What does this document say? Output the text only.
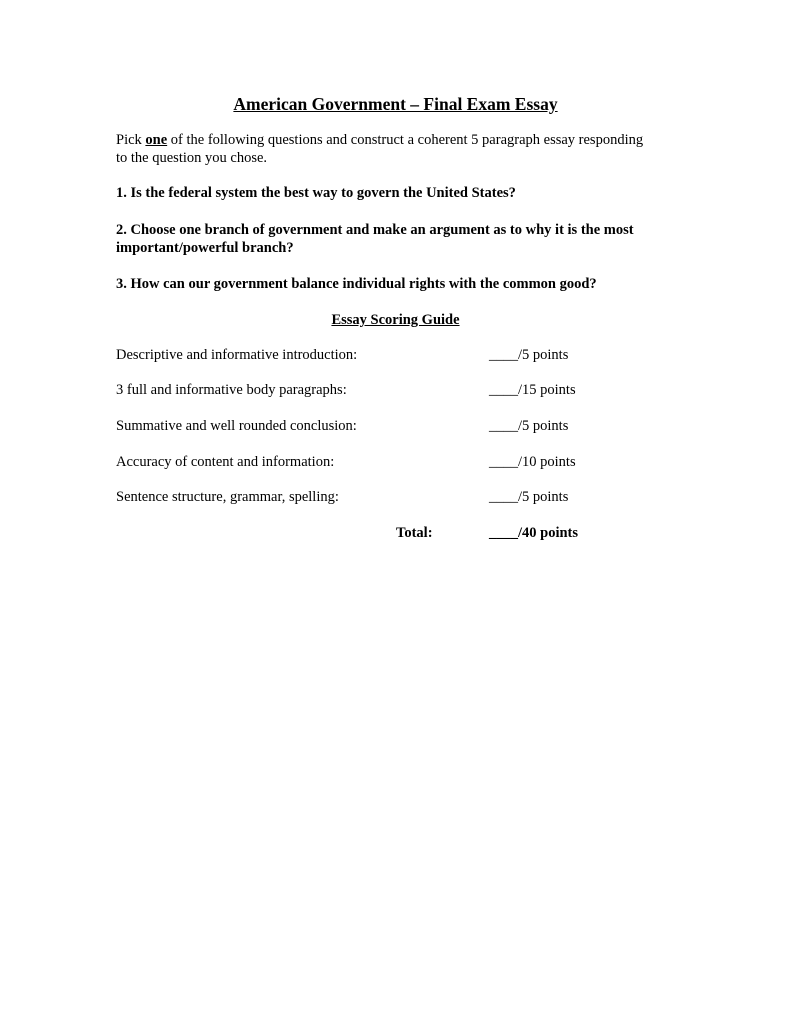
American Government – Final Exam Essay
Pick one of the following questions and construct a coherent 5 paragraph essay responding to the question you chose.
1. Is the federal system the best way to govern the United States?
2. Choose one branch of government and make an argument as to why it is the most important/powerful branch?
3. How can our government balance individual rights with the common good?
Essay Scoring Guide
Descriptive and informative introduction:	____/5 points
3 full and informative body paragraphs:	____/15 points
Summative and well rounded conclusion:	____/5 points
Accuracy of content and information:	____/10 points
Sentence structure, grammar, spelling:	____/5 points
Total:	____/40 points
